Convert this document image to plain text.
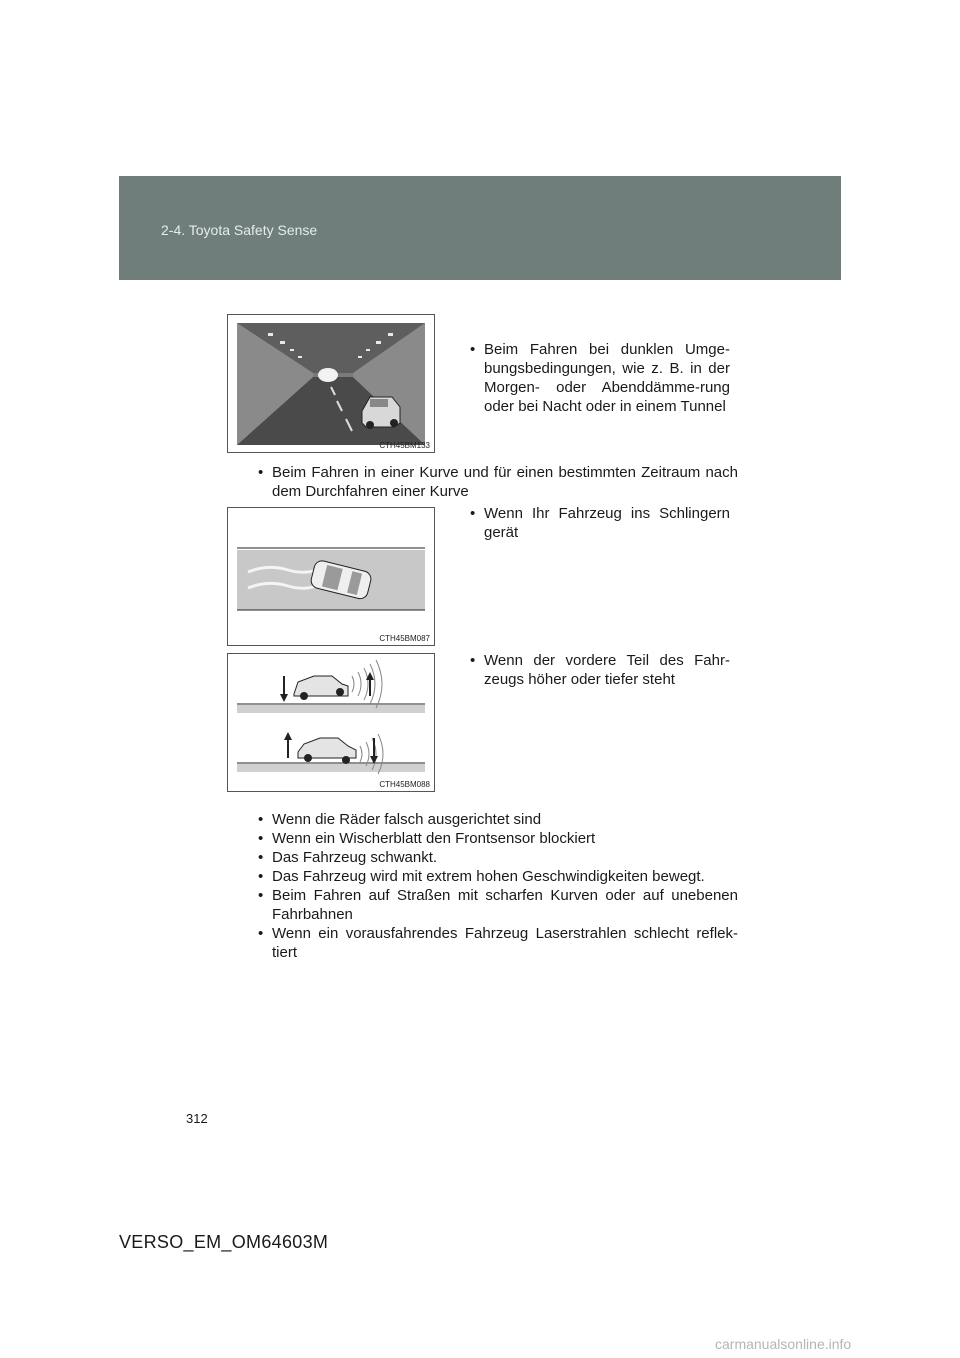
2-4. Toyota Safety Sense
CTH45BM133
• Beim Fahren bei dunklen Umge-bungsbedingungen, wie z. B. in der Morgen- oder Abenddämme-rung oder bei Nacht oder in einem Tunnel
• Beim Fahren in einer Kurve und für einen bestimmten Zeitraum nach dem Durchfahren einer Kurve
CTH45BM087
• Wenn Ihr Fahrzeug ins Schlingern gerät
CTH45BM088
• Wenn der vordere Teil des Fahr-zeugs höher oder tiefer steht
• Wenn die Räder falsch ausgerichtet sind
• Wenn ein Wischerblatt den Frontsensor blockiert
• Das Fahrzeug schwankt.
• Das Fahrzeug wird mit extrem hohen Geschwindigkeiten bewegt.
• Beim Fahren auf Straßen mit scharfen Kurven oder auf unebenen Fahrbahnen
• Wenn ein vorausfahrendes Fahrzeug Laserstrahlen schlecht reflek-tiert
312
VERSO_EM_OM64603M
carmanualsonline.info
